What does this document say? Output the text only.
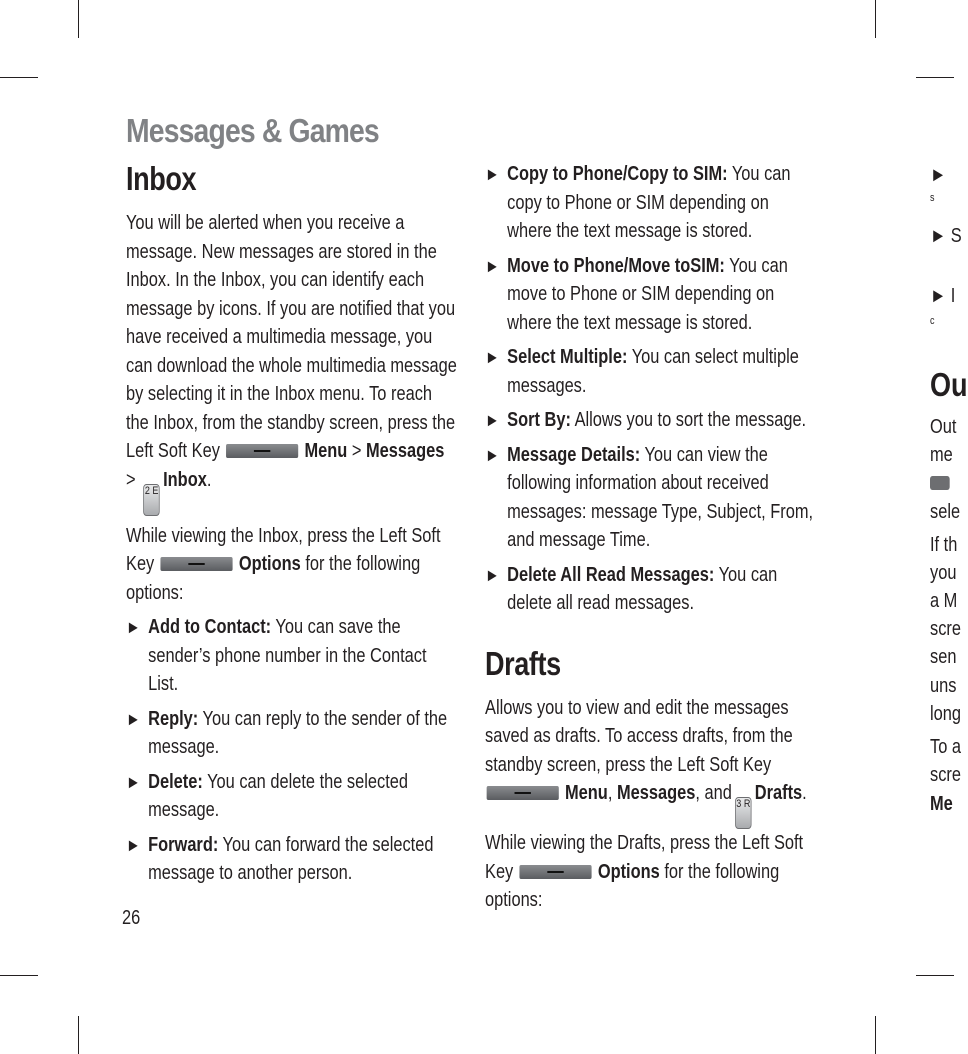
Messages & Games
Inbox

You will be alerted when you receive a message. New messages are stored in the Inbox. In the Inbox, you can identify each message by icons. If you are notified that you have received a multimedia message, you can download the whole multimedia message by selecting it in the Inbox menu. To reach the Inbox, from the standby screen, press the Left Soft Key	Menu > Messages > 2 E Inbox.

While viewing the Inbox, press the Left Soft Key	Options for the following options:

► Add to Contact: You can save the sender’s phone number in the Contact List.
► Reply: You can reply to the sender of the message.
► Delete: You can delete the selected message.
► Forward: You can forward the selected message to another person.
► Copy to Phone/Copy to SIM: You can copy to Phone or SIM depending on where the text message is stored.
► Move to Phone/Move toSIM: You can move to Phone or SIM depending on where the text message is stored.
► Select Multiple: You can select multiple messages.
► Sort By: Allows you to sort the message.
► Message Details: You can view the following information about received messages: message Type, Subject, From, and message Time.
► Delete All Read Messages: You can delete all read messages.
Drafts

Allows you to view and edit the messages saved as drafts. To access drafts, from the standby screen, press the Left Soft Key  Menu, Messages, and 3 R Drafts. While viewing the Drafts, press the Left Soft Key	Options for the following options:

26
►
s
► S
► I
c
Ou
Out
me
sele
If th
you
a M
scre
sen
uns
long
To a
scre
Me
